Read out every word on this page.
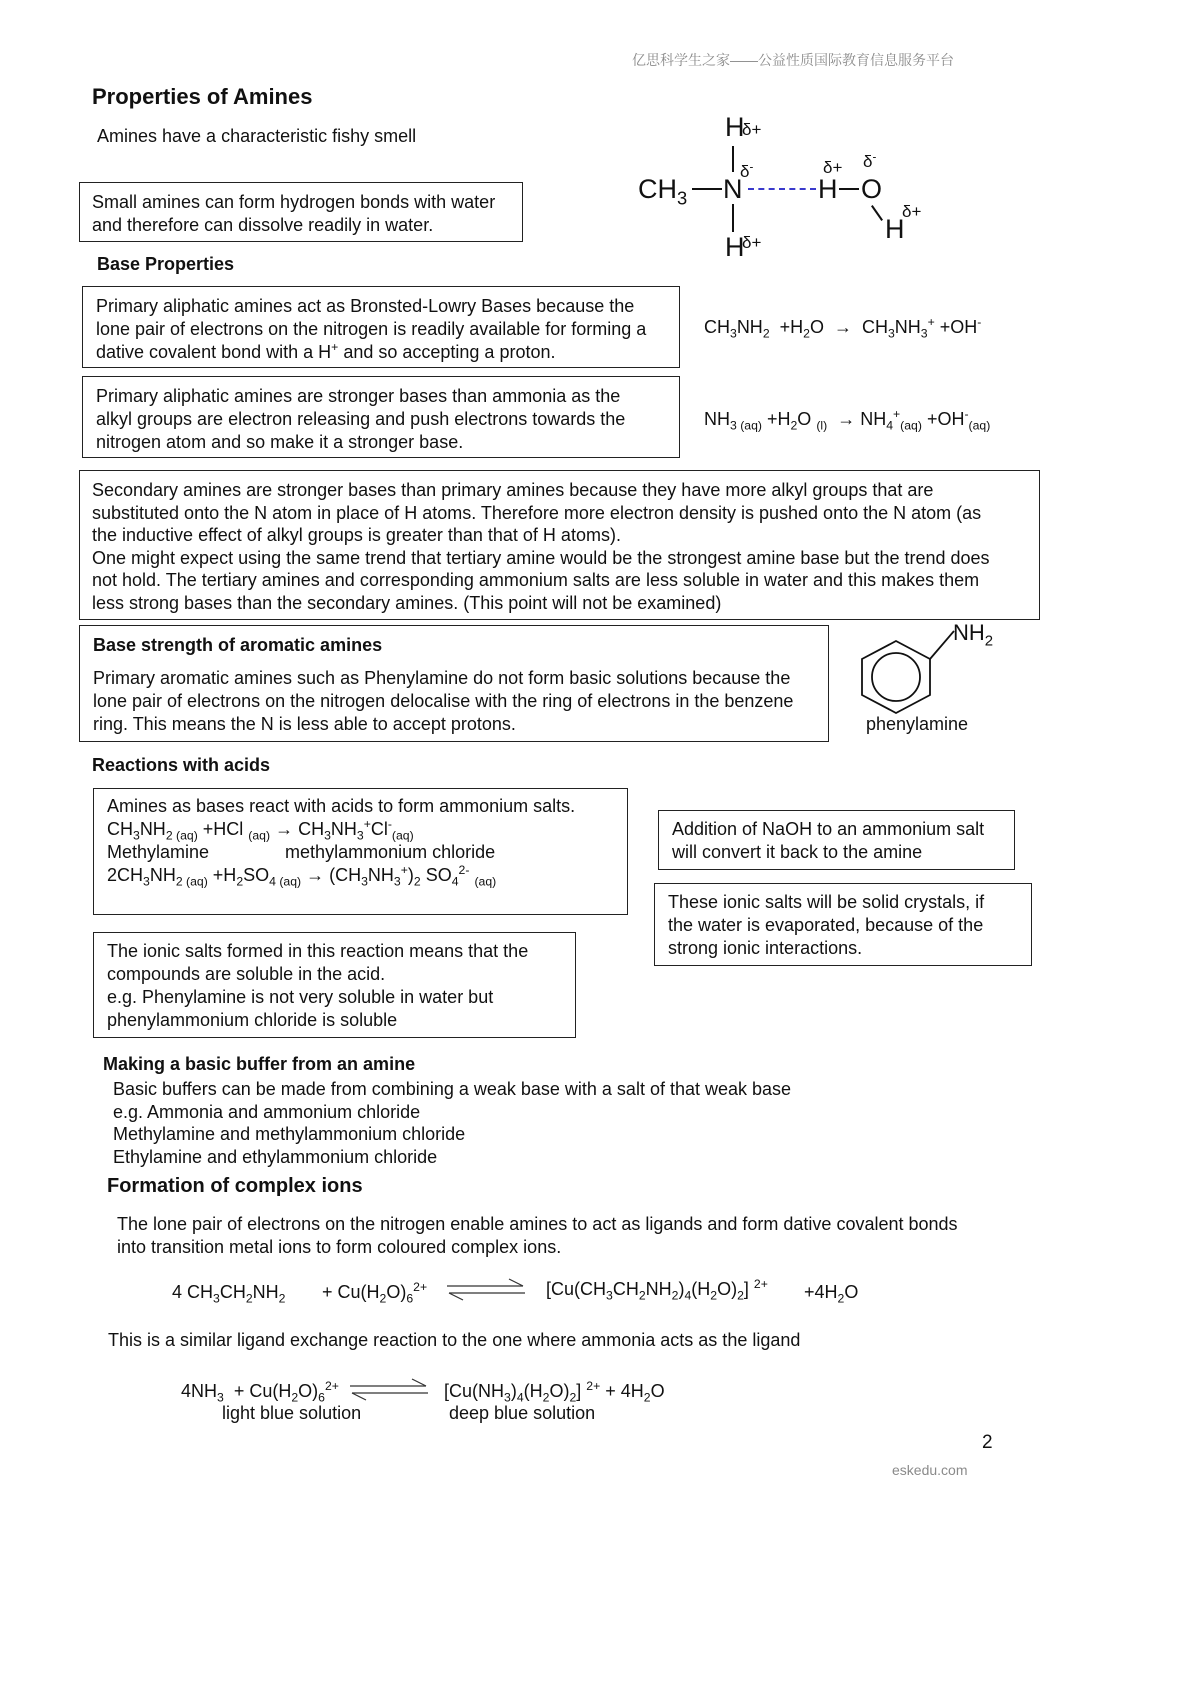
亿思科学生之家——公益性质国际教育信息服务平台
Properties of Amines
Amines have a characteristic fishy smell
Small amines can form hydrogen bonds with water
and therefore can dissolve readily in water.
H
δ+
δ-
$CH_3$ N
δ+ δ-
H O
δ+
H
H
δ+
Base Properties
Primary aliphatic amines act as Bronsted-Lowry Bases because the
lone pair of electrons on the nitrogen is readily available for forming a
dative covalent bond with a H+ and so accepting a proton.
$CH_3NH_2 +H_2O \to CH_3NH_3^+ +OH^-$
Primary aliphatic amines are stronger bases than ammonia as the
alkyl groups are electron releasing and push electrons towards the
nitrogen atom and so make it a stronger base.
$NH_{3 (aq)} +H_2O$ $_{(l)} \to NH_4^+_{(aq)} +OH^-_{(aq)}$
Secondary amines are stronger bases than primary amines because they have more alkyl groups that are
substituted onto the N atom in place of H atoms. Therefore more electron density is pushed onto the N atom (as
the inductive effect of alkyl groups is greater than that of H atoms).
One might expect using the same trend that tertiary amine would be the strongest amine base but the trend does
not hold. The tertiary amines and corresponding ammonium salts are less soluble in water and this makes them
less strong bases than the secondary amines. (This point will not be examined)
Base strength of aromatic amines
Primary aromatic amines such as Phenylamine do not form basic solutions because the
lone pair of electrons on the nitrogen delocalise with the ring of electrons in the benzene
ring. This means the N is less able to accept protons.
$NH_2$
phenylamine
Reactions with acids
Amines as bases react with acids to form ammonium salts.
$CH_3NH_{2 (aq)} +HCl$ $_{(aq)} \to CH_3NH_3^+Cl^-_{(aq)}$
Methylamine	methylammonium chloride
$2CH_3NH_{2 (aq)} +H_2SO_{4 (aq)} \to (CH_3NH_3^+)_2$ $SO_4^{2-}$ $_{(aq)}$
The ionic salts formed in this reaction means that the
compounds are soluble in the acid.
e.g. Phenylamine is not very soluble in water but
phenylammonium chloride is soluble
Addition of NaOH to an ammonium salt
will convert it back to the amine
These ionic salts will be solid crystals, if
the water is evaporated, because of the
strong ionic interactions.
Making a basic buffer from an amine
Basic buffers can be made from combining a weak base with a salt of that weak base
e.g. Ammonia and ammonium chloride
Methylamine and methylammonium chloride
Ethylamine and ethylammonium chloride
Formation of complex ions
The lone pair of electrons on the nitrogen enable amines to act as ligands and form dative covalent bonds
into transition metal ions to form coloured complex ions.
4 $CH_3CH_2NH_2 + Cu(H_2O)_6^{2+}$	$[Cu(CH_3CH_2NH_2)_4(H_2O)_2]$ $^{2+} +4H_2O$
This is a similar ligand exchange reaction to the one where ammonia acts as the ligand
$4NH_3 + Cu(H_2O)_6^{2+}$	$[Cu(NH_3)_4(H_2O)_2] ^{2+} + 4H_2O$
light blue solution	deep blue solution
2
eskedu.com
